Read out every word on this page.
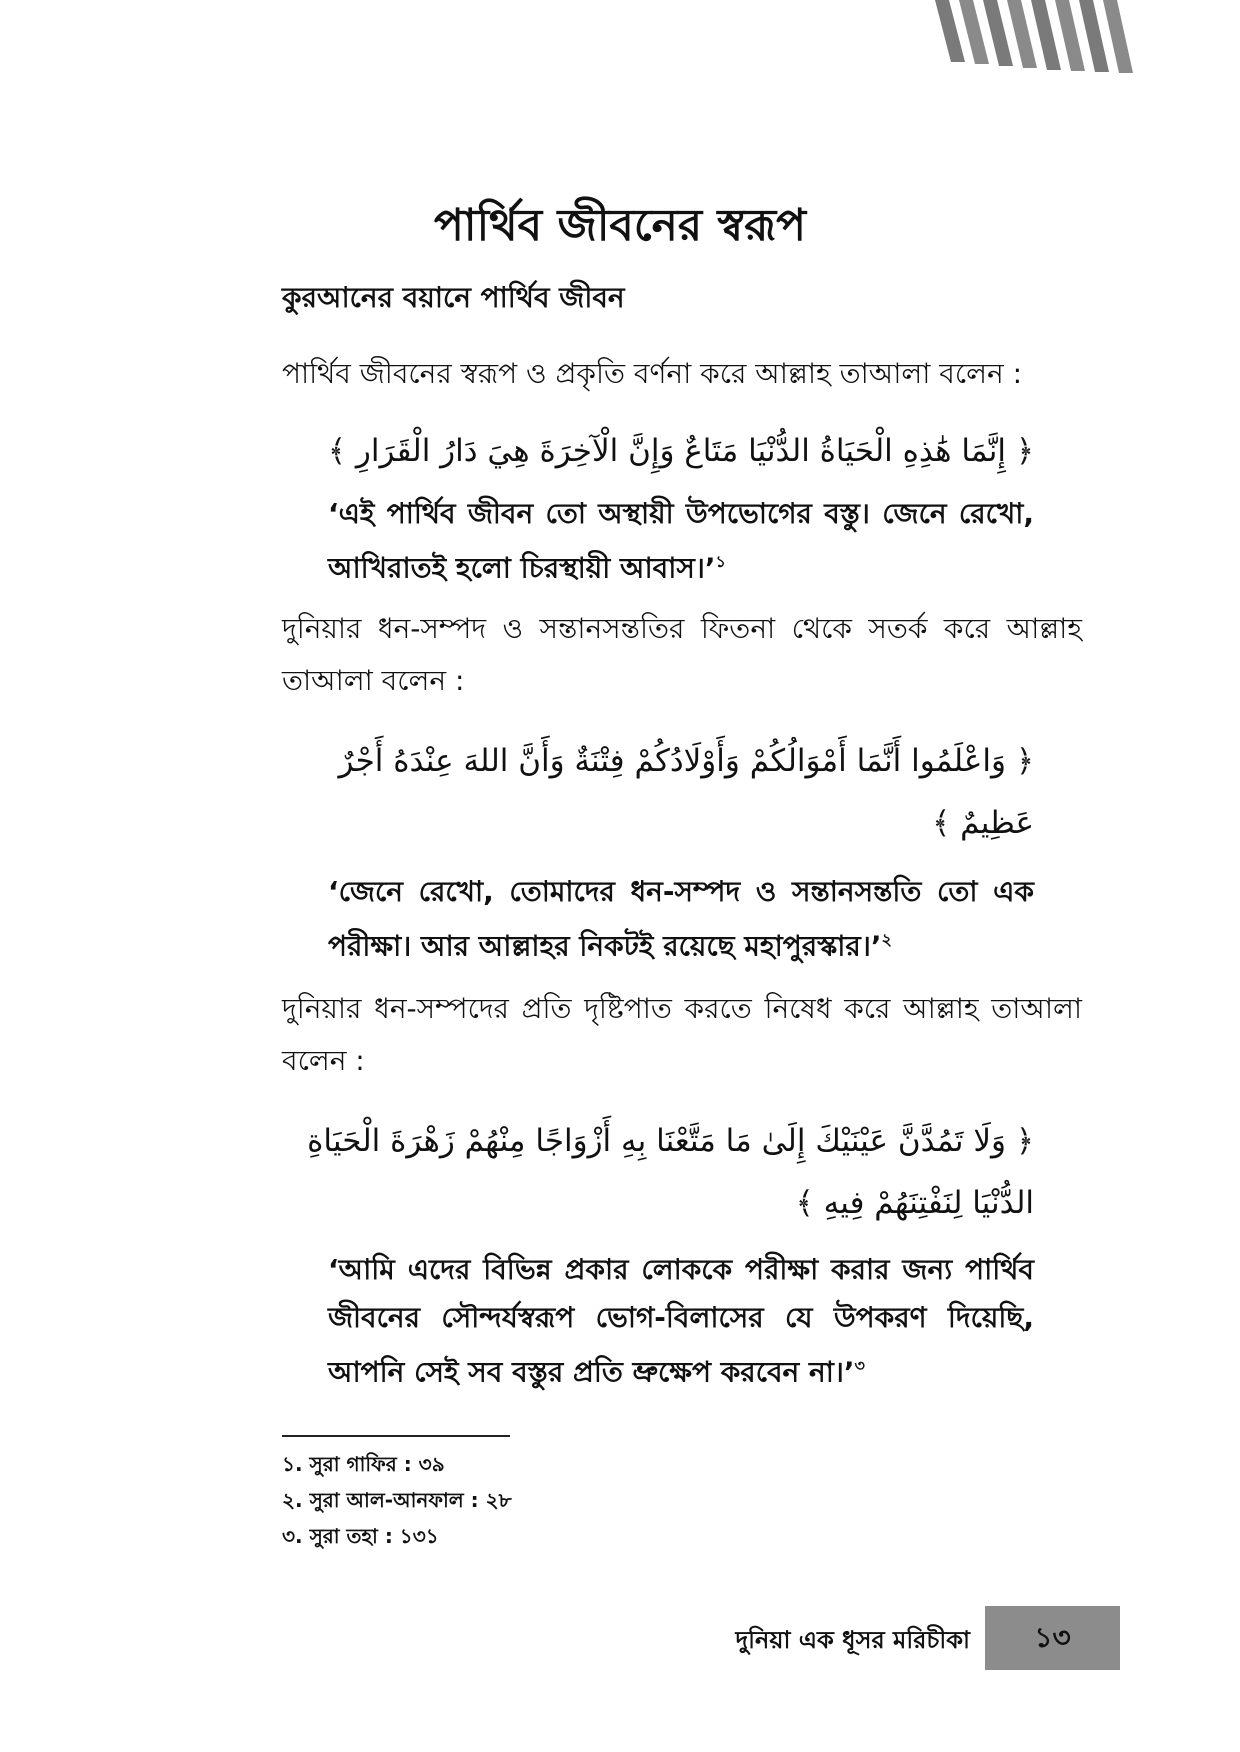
পার্থিব জীবনের স্বরূপ
কুরআনের বয়ানে পার্থিব জীবন
পার্থিব জীবনের স্বরূপ ও প্রকৃতি বর্ণনা করে আল্লাহ তাআলা বলেন :
﴿ إِنَّمَا هَٰذِهِ الْحَيَاةُ الدُّنْيَا مَتَاعٌ وَإِنَّ الْآخِرَةَ هِيَ دَارُ الْقَرَارِ ﴾
‘এই পার্থিব জীবন তো অস্থায়ী উপভোগের বস্তু। জেনে রেখো, আখিরাতই হলো চিরস্থায়ী আবাস।’$^১$
দুনিয়ার ধন-সম্পদ ও সন্তানসন্ততির ফিতনা থেকে সতর্ক করে আল্লাহ তাআলা বলেন :
﴿ وَاعْلَمُوا أَنَّمَا أَمْوَالُكُمْ وَأَوْلَادُكُمْ فِتْنَةٌ وَأَنَّ اللهَ عِنْدَهُ أَجْرٌ عَظِيمٌ ﴾
‘জেনে রেখো, তোমাদের ধন-সম্পদ ও সন্তানসন্ততি তো এক পরীক্ষা। আর আল্লাহর নিকটই রয়েছে মহাপুরস্কার।’$^২$
দুনিয়ার ধন-সম্পদের প্রতি দৃষ্টিপাত করতে নিষেধ করে আল্লাহ তাআলা বলেন :
﴿ وَلَا تَمُدَّنَّ عَيْنَيْكَ إِلَىٰ مَا مَتَّعْنَا بِهِ أَزْوَاجًا مِنْهُمْ زَهْرَةَ الْحَيَاةِ الدُّنْيَا لِنَفْتِنَهُمْ فِيهِ ﴾
‘আমি এদের বিভিন্ন প্রকার লোককে পরীক্ষা করার জন্য পার্থিব জীবনের সৌন্দর্যস্বরূপ ভোগ-বিলাসের যে উপকরণ দিয়েছি, আপনি সেই সব বস্তুর প্রতি ভ্রুক্ষেপ করবেন না।’$^৩$
১. সুরা গাফির : ৩৯
২. সুরা আল-আনফাল : ২৮
৩. সুরা তহা : ১৩১
দুনিয়া এক ধূসর মরিচীকা	১৩
